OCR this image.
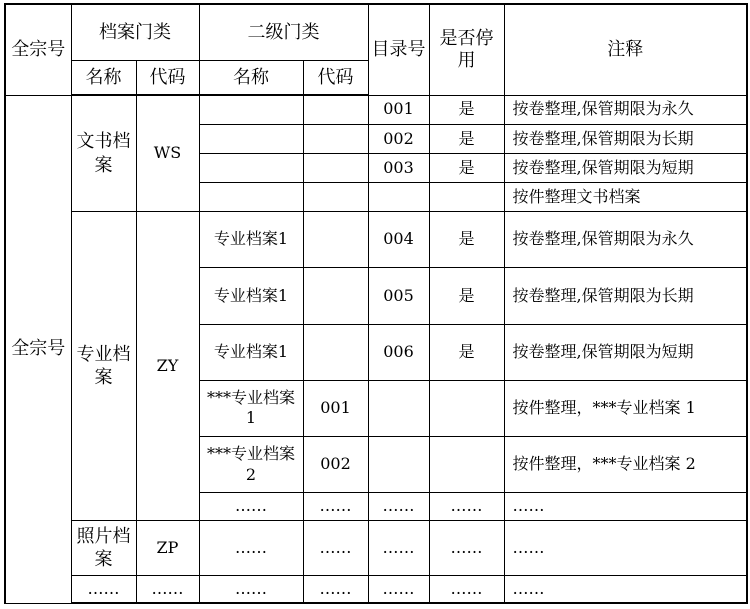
全宗号	档案门类		二级门类		目录号	是否停用	注释
	名称	代码	名称	代码			
全宗号	文书档案	WS			001	是	按卷整理,保管期限为永久
					002	是	按卷整理,保管期限为长期
					003	是	按卷整理,保管期限为短期
							按件整理文书档案
	专业档案	ZY	专业档案1		004	是	按卷整理,保管期限为永久
			专业档案1		005	是	按卷整理,保管期限为长期
			专业档案1		006	是	按卷整理,保管期限为短期
			***专业档案 1	001			按件整理，***专业档案 1
			***专业档案 2	002			按件整理，***专业档案 2
			……	……	……	……	……
	照片档案	ZP	……	……	……	……	……
	……	……	……	……	……	……	……
